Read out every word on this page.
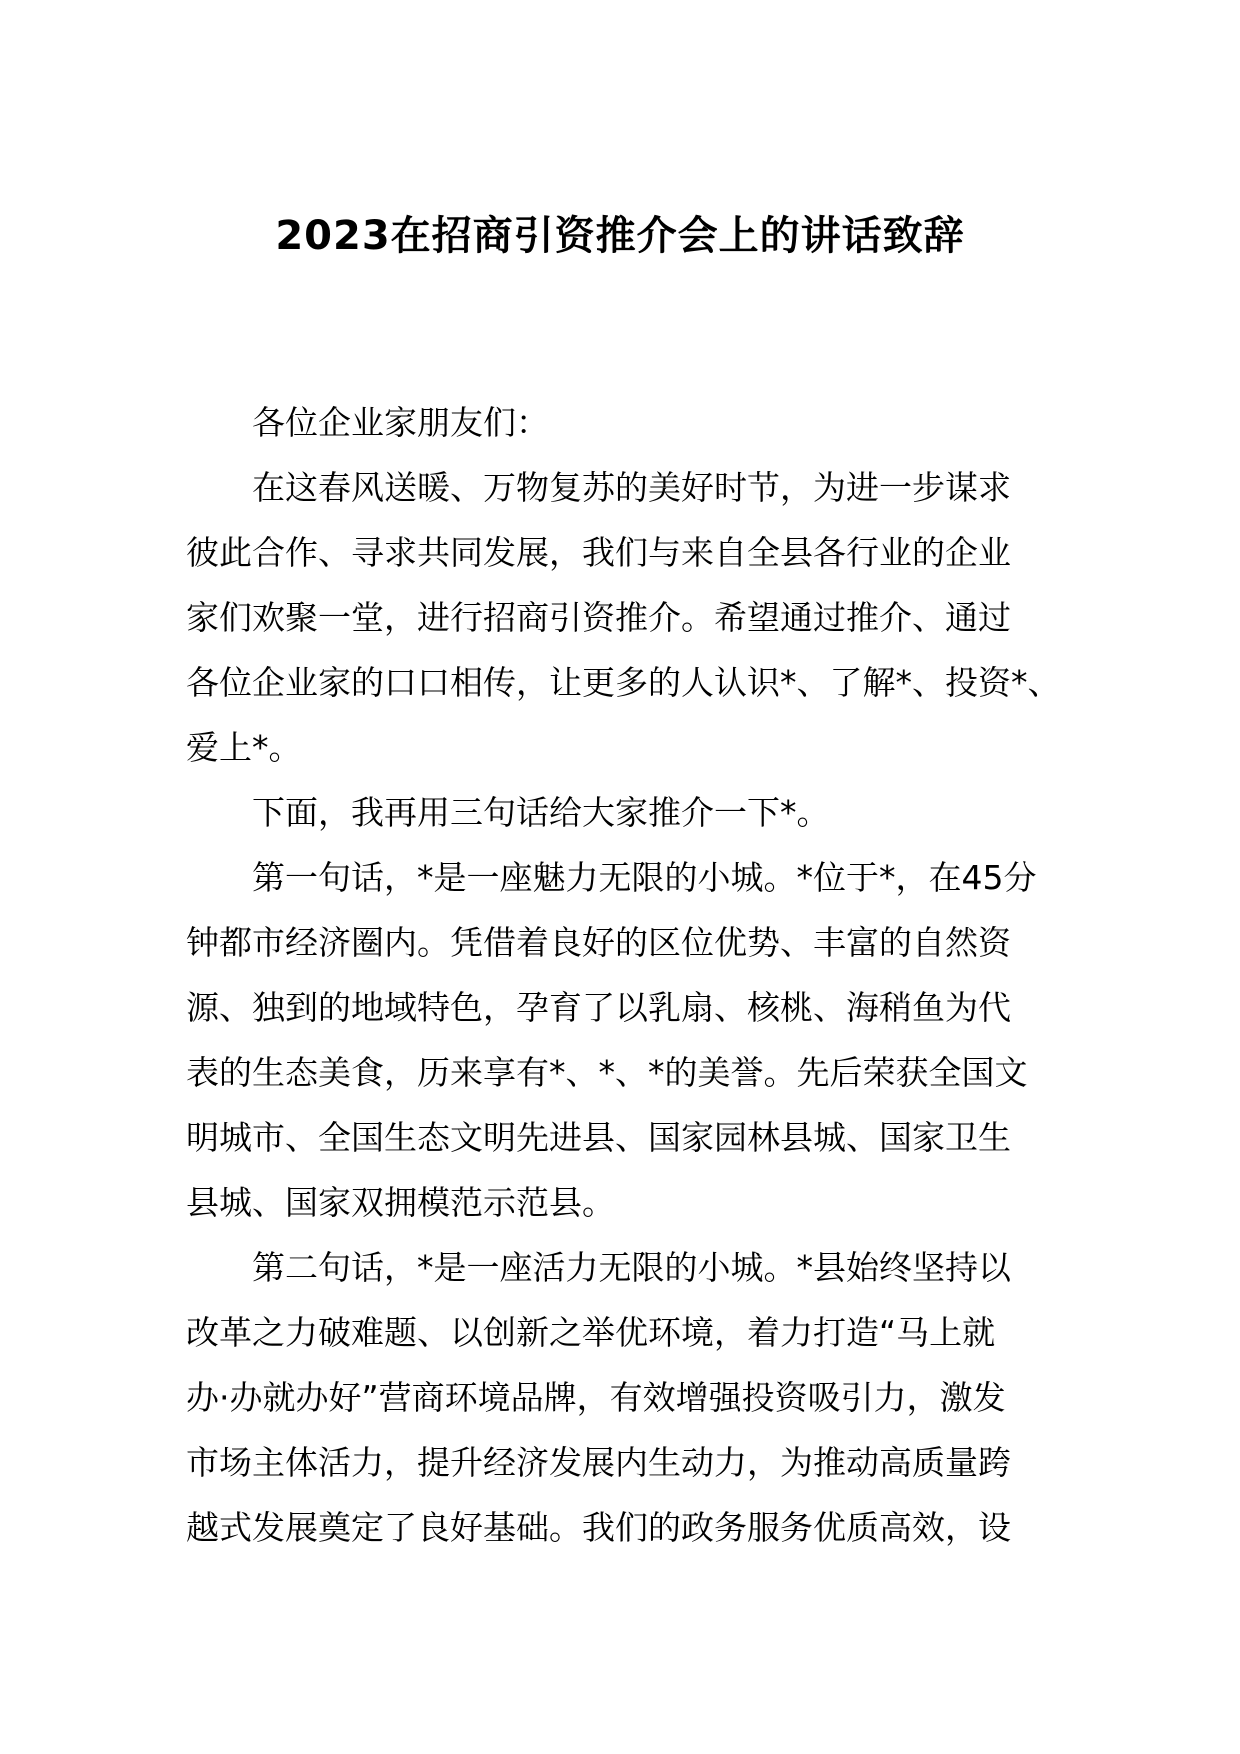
2023在招商引资推介会上的讲话致辞
各位企业家朋友们：
在这春风送暖、万物复苏的美好时节，为进一步谋求
彼此合作、寻求共同发展，我们与来自全县各行业的企业
家们欢聚一堂，进行招商引资推介。希望通过推介、通过
各位企业家的口口相传，让更多的人认识*、了解*、投资*、
爱上*。
下面，我再用三句话给大家推介一下*。
第一句话，*是一座魅力无限的小城。*位于*，在45分
钟都市经济圈内。凭借着良好的区位优势、丰富的自然资
源、独到的地域特色，孕育了以乳扇、核桃、海稍鱼为代
表的生态美食，历来享有*、*、*的美誉。先后荣获全国文
明城市、全国生态文明先进县、国家园林县城、国家卫生
县城、国家双拥模范示范县。
第二句话，*是一座活力无限的小城。*县始终坚持以
改革之力破难题、以创新之举优环境，着力打造“马上就
办·办就办好”营商环境品牌，有效增强投资吸引力，激发
市场主体活力，提升经济发展内生动力，为推动高质量跨
越式发展奠定了良好基础。我们的政务服务优质高效，设
